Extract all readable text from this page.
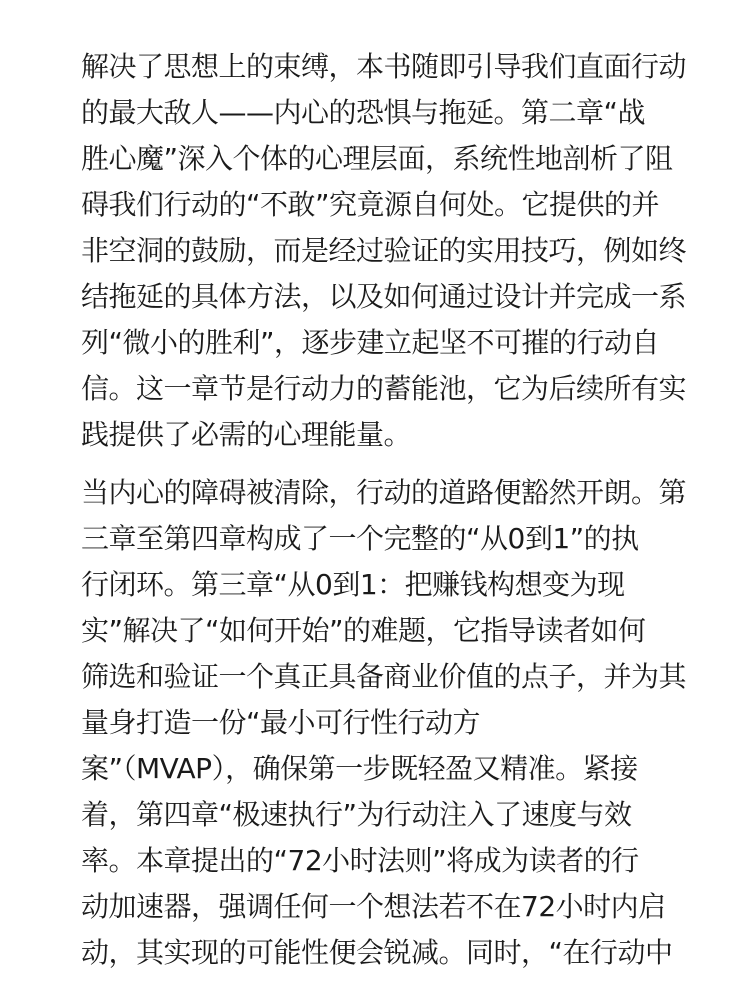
解决了思想上的束缚，本书随即引导我们直面行动
的最大敌人——内心的恐惧与拖延。第二章“战
胜心魔”深入个体的心理层面，系统性地剖析了阻
碍我们行动的“不敢”究竟源自何处。它提供的并
非空洞的鼓励，而是经过验证的实用技巧，例如终
结拖延的具体方法，以及如何通过设计并完成一系
列“微小的胜利”，逐步建立起坚不可摧的行动自
信。这一章节是行动力的蓄能池，它为后续所有实
践提供了必需的心理能量。
当内心的障碍被清除，行动的道路便豁然开朗。第
三章至第四章构成了一个完整的“从0到1”的执
行闭环。第三章“从0到1：把赚钱构想变为现
实”解决了“如何开始”的难题，它指导读者如何
筛选和验证一个真正具备商业价值的点子，并为其
量身打造一份“最小可行性行动方
案”（MVAP），确保第一步既轻盈又精准。紧接
着，第四章“极速执行”为行动注入了速度与效
率。本章提出的“72小时法则”将成为读者的行
动加速器，强调任何一个想法若不在72小时内启
动，其实现的可能性便会锐减。同时，“在行动中
